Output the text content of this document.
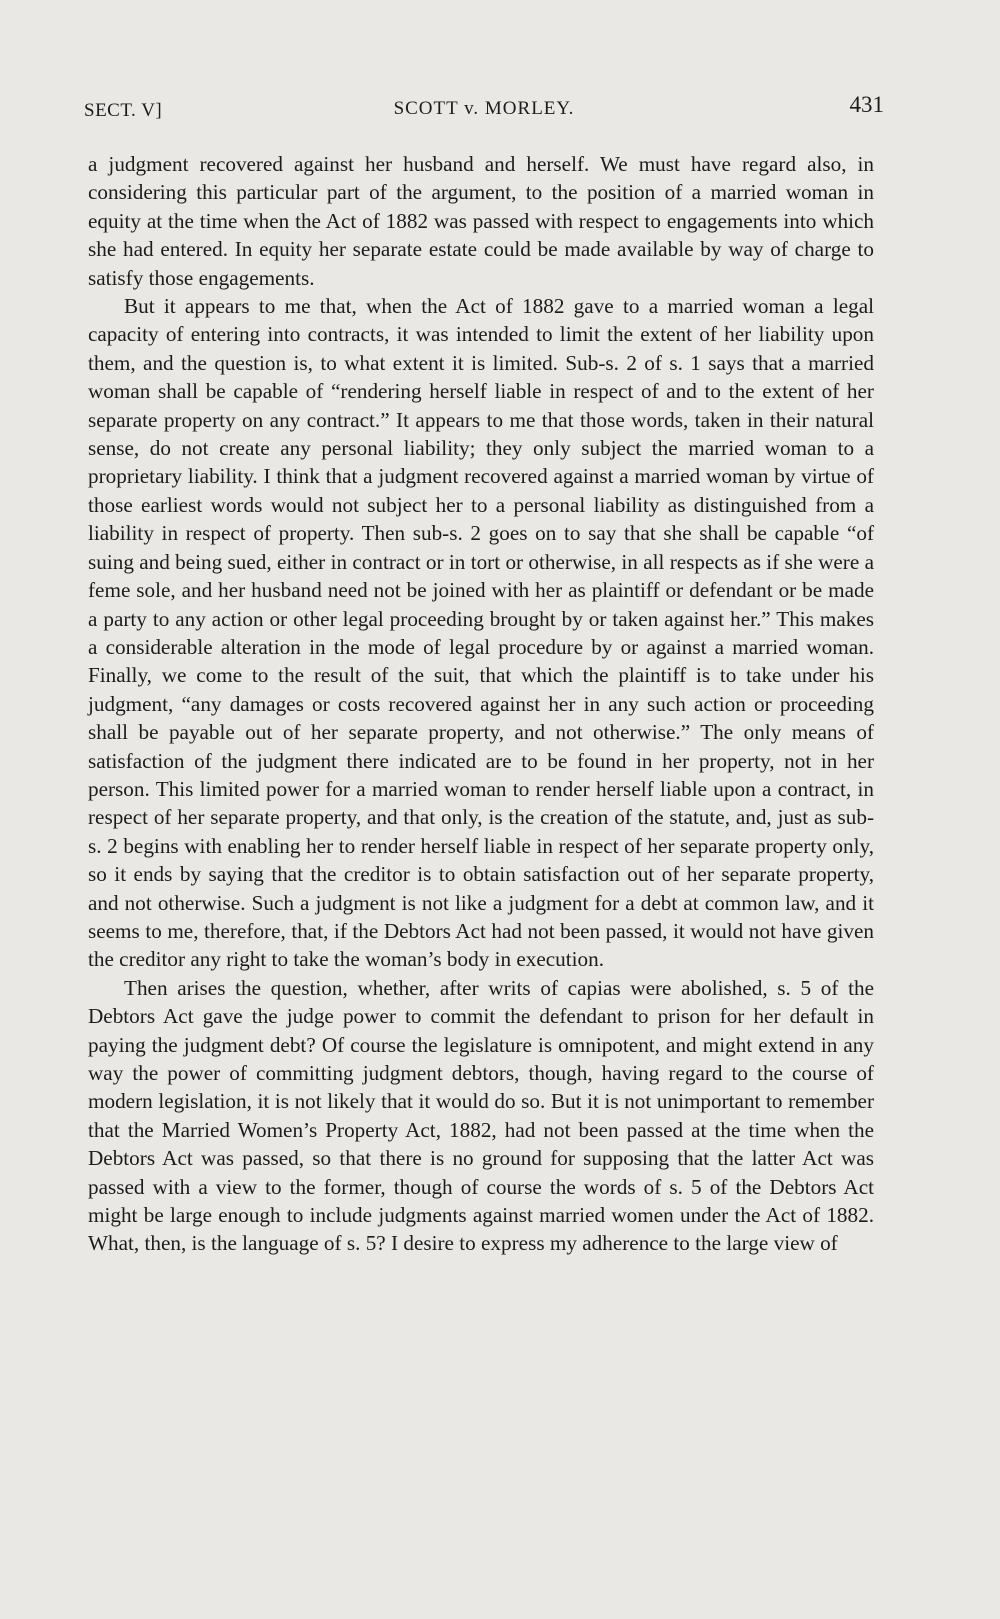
SECT. V]	SCOTT v. MORLEY.	431

a judgment recovered against her husband and herself. We must have regard also, in considering this particular part of the argument, to the position of a married woman in equity at the time when the Act of 1882 was passed with respect to engagements into which she had entered. In equity her separate estate could be made available by way of charge to satisfy those engagements.

But it appears to me that, when the Act of 1882 gave to a married woman a legal capacity of entering into contracts, it was intended to limit the extent of her liability upon them, and the question is, to what extent it is limited. Sub-s. 2 of s. 1 says that a married woman shall be capable of “rendering herself liable in respect of and to the extent of her separate property on any contract.” It appears to me that those words, taken in their natural sense, do not create any personal liability; they only subject the married woman to a proprietary liability. I think that a judgment recovered against a married woman by virtue of those earliest words would not subject her to a personal liability as distinguished from a liability in respect of property. Then sub-s. 2 goes on to say that she shall be capable “of suing and being sued, either in contract or in tort or otherwise, in all respects as if she were a feme sole, and her husband need not be joined with her as plaintiff or defendant or be made a party to any action or other legal proceeding brought by or taken against her.” This makes a considerable alteration in the mode of legal procedure by or against a married woman. Finally, we come to the result of the suit, that which the plaintiff is to take under his judgment, “any damages or costs recovered against her in any such action or proceeding shall be payable out of her separate property, and not otherwise.” The only means of satisfaction of the judgment there indicated are to be found in her property, not in her person. This limited power for a married woman to render herself liable upon a contract, in respect of her separate property, and that only, is the creation of the statute, and, just as sub-s. 2 begins with enabling her to render herself liable in respect of her separate property only, so it ends by saying that the creditor is to obtain satisfaction out of her separate property, and not otherwise. Such a judgment is not like a judgment for a debt at common law, and it seems to me, therefore, that, if the Debtors Act had not been passed, it would not have given the creditor any right to take the woman’s body in execution.

Then arises the question, whether, after writs of capias were abolished, s. 5 of the Debtors Act gave the judge power to commit the defendant to prison for her default in paying the judgment debt? Of course the legislature is omnipotent, and might extend in any way the power of committing judgment debtors, though, having regard to the course of modern legislation, it is not likely that it would do so. But it is not unimportant to remember that the Married Women’s Property Act, 1882, had not been passed at the time when the Debtors Act was passed, so that there is no ground for supposing that the latter Act was passed with a view to the former, though of course the words of s. 5 of the Debtors Act might be large enough to include judgments against married women under the Act of 1882. What, then, is the language of s. 5? I desire to express my adherence to the large view of
